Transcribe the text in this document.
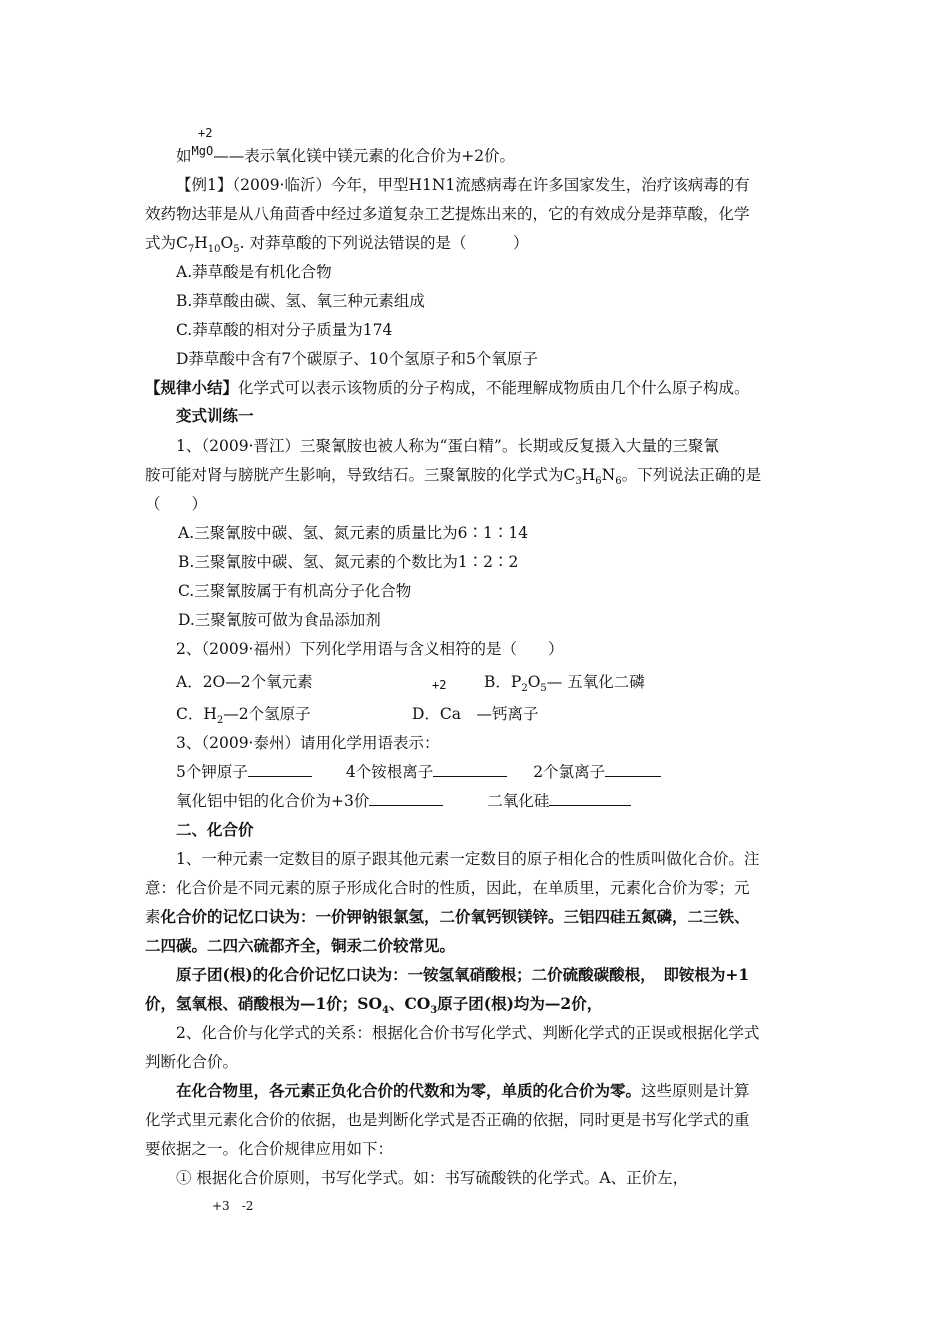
+2
如$^{MgO}$——表示氧化镁中镁元素的化合价为+2价。
【例1】（2009·临沂）今年，甲型H1N1流感病毒在许多国家发生，治疗该病毒的有
效药物达菲是从八角茴香中经过多道复杂工艺提炼出来的，它的有效成分是莽草酸，化学
式为$C_7H_{10}O_5$. 对莽草酸的下列说法错误的是（　　　）
A.莽草酸是有机化合物
B.莽草酸由碳、氢、氧三种元素组成
C.莽草酸的相对分子质量为174
D莽草酸中含有7个碳原子、10个氢原子和5个氧原子
【规律小结】化学式可以表示该物质的分子构成，不能理解成物质由几个什么原子构成。
变式训练一
1、（2009·晋江）三聚氰胺也被人称为“蛋白精”。长期或反复摄入大量的三聚氰
胺可能对肾与膀胱产生影响，导致结石。三聚氰胺的化学式为$C_3H_6N_6$。下列说法正确的是
（　　）
A.三聚氰胺中碳、氢、氮元素的质量比为6∶1∶14
B.三聚氰胺中碳、氢、氮元素的个数比为1∶2∶2
C.三聚氰胺属于有机高分子化合物
D.三聚氰胺可做为食品添加剂
2、（2009·福州）下列化学用语与含义相符的是（　　）
A．2O—2个氧元素	+2 B．$P_2O_5—$ 五氧化二磷
C．$H_2—2$个氢原子	D．Ca　—钙离子
3、（2009·泰州）请用化学用语表示：
5个钾原子	4个铵根离子	2个氯离子
氧化铝中铝的化合价为+3价	二氧化硅
二、化合价
1、一种元素一定数目的原子跟其他元素一定数目的原子相化合的性质叫做化合价。注
意：化合价是不同元素的原子形成化合时的性质，因此，在单质里，元素化合价为零；元
素化合价的记忆口诀为：一价钾钠银氯氢，二价氧钙钡镁锌。三铝四硅五氮磷，二三铁、
二四碳。二四六硫都齐全，铜汞二价较常见。
原子团(根)的化合价记忆口诀为：一铵氢氧硝酸根；二价硫酸碳酸根，　即铵根为+1
价，氢氧根、硝酸根为—1价；$SO_4$、$CO_3$原子团(根)均为—2价，
2、化合价与化学式的关系：根据化合价书写化学式、判断化学式的正误或根据化学式
判断化合价。
在化合物里，各元素正负化合价的代数和为零，单质的化合价为零。这些原则是计算
化学式里元素化合价的依据，也是判断化学式是否正确的依据，同时更是书写化学式的重
要依据之一。化合价规律应用如下：
① 根据化合价原则，书写化学式。如：书写硫酸铁的化学式。A、正价左，
+3　-2
